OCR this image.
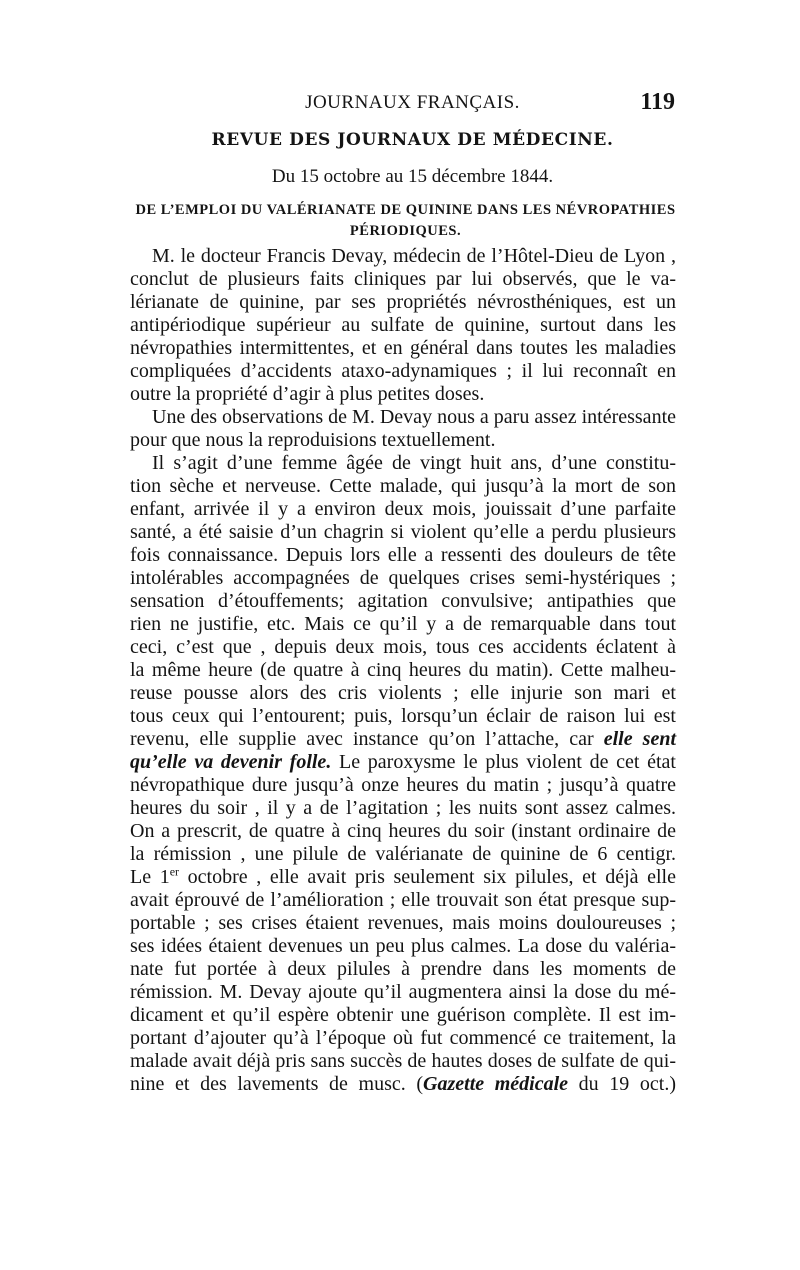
JOURNAUX FRANÇAIS.	119
REVUE DES JOURNAUX DE MÉDECINE.
Du 15 octobre au 15 décembre 1844.
DE L’EMPLOI DU VALÉRIANATE DE QUININE DANS LES NÉVROPATHIES
PÉRIODIQUES.
M. le docteur Francis Devay, médecin de l’Hôtel-Dieu de Lyon ,
conclut de plusieurs faits cliniques par lui observés, que le va-
lérianate de quinine, par ses propriétés névrosthéniques, est un
antipériodique supérieur au sulfate de quinine, surtout dans les
névropathies intermittentes, et en général dans toutes les maladies
compliquées d’accidents ataxo-adynamiques ; il lui reconnaît en
outre la propriété d’agir à plus petites doses.
Une des observations de M. Devay nous a paru assez intéressante
pour que nous la reproduisions textuellement.
Il s’agit d’une femme âgée de vingt huit ans, d’une constitu-
tion sèche et nerveuse. Cette malade, qui jusqu’à la mort de son
enfant, arrivée il y a environ deux mois, jouissait d’une parfaite
santé, a été saisie d’un chagrin si violent qu’elle a perdu plusieurs
fois connaissance. Depuis lors elle a ressenti des douleurs de tête
intolérables accompagnées de quelques crises semi-hystériques ;
sensation d’étouffements; agitation convulsive; antipathies que
rien ne justifie, etc. Mais ce qu’il y a de remarquable dans tout
ceci, c’est que , depuis deux mois, tous ces accidents éclatent à
la même heure (de quatre à cinq heures du matin). Cette malheu-
reuse pousse alors des cris violents ; elle injurie son mari et
tous ceux qui l’entourent; puis, lorsqu’un éclair de raison lui est
revenu, elle supplie avec instance qu’on l’attache, car elle sent
qu’elle va devenir folle. Le paroxysme le plus violent de cet état
névropathique dure jusqu’à onze heures du matin ; jusqu’à quatre
heures du soir , il y a de l’agitation ; les nuits sont assez calmes.
On a prescrit, de quatre à cinq heures du soir (instant ordinaire de
la rémission , une pilule de valérianate de quinine de 6 centigr.
Le 1er octobre , elle avait pris seulement six pilules, et déjà elle
avait éprouvé de l’amélioration ; elle trouvait son état presque sup-
portable ; ses crises étaient revenues, mais moins douloureuses ;
ses idées étaient devenues un peu plus calmes. La dose du valéria-
nate fut portée à deux pilules à prendre dans les moments de
rémission. M. Devay ajoute qu’il augmentera ainsi la dose du mé-
dicament et qu’il espère obtenir une guérison complète. Il est im-
portant d’ajouter qu’à l’époque où fut commencé ce traitement, la
malade avait déjà pris sans succès de hautes doses de sulfate de qui-
nine et des lavements de musc. (Gazette médicale du 19 oct.)
